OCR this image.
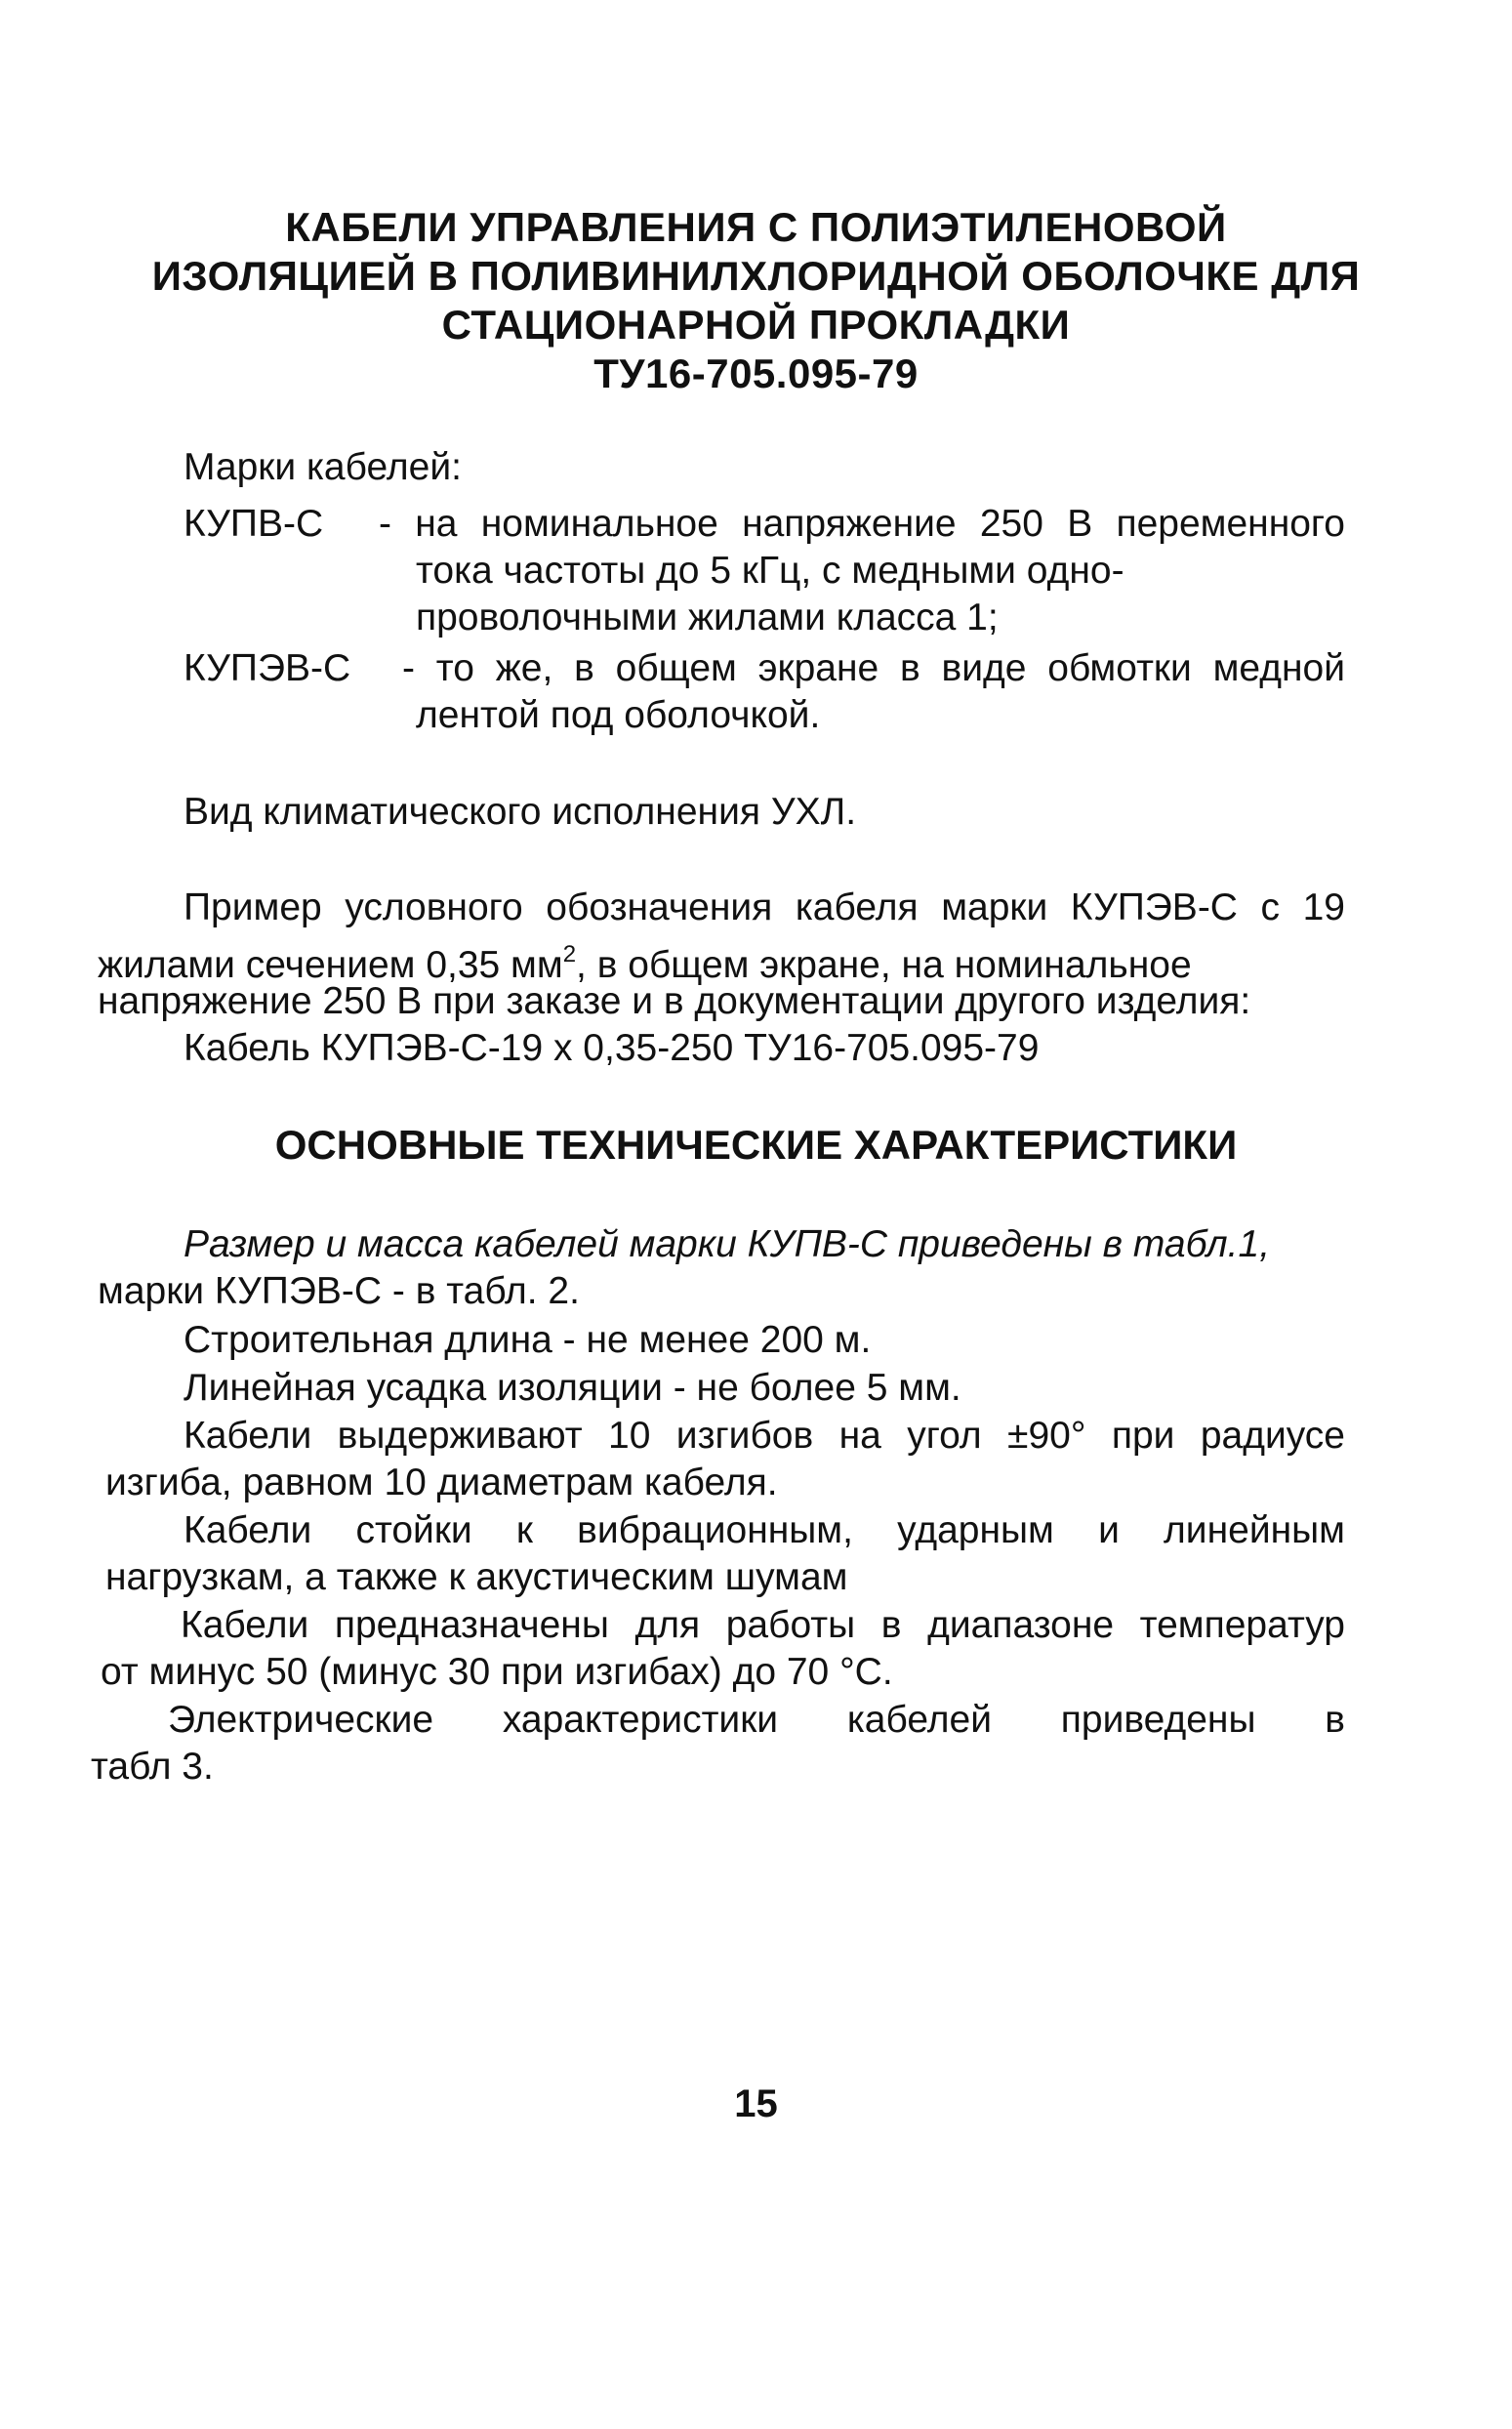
КАБЕЛИ УПРАВЛЕНИЯ С ПОЛИЭТИЛЕНОВОЙ
ИЗОЛЯЦИЕЙ В ПОЛИВИНИЛХЛОРИДНОЙ ОБОЛОЧКЕ ДЛЯ
СТАЦИОНАРНОЙ ПРОКЛАДКИ
ТУ16-705.095-79
Марки кабелей:
КУПВ-С - на номинальное напряжение 250 В переменного
тока частоты до 5 кГц, с медными одно-
проволочными жилами класса 1;
КУПЭВ-С - то же, в общем экране в виде обмотки медной
лентой под оболочкой.
Вид климатического исполнения УХЛ.
Пример условного обозначения кабеля марки КУПЭВ-С с 19
жилами сечением 0,35 $мм^2$, в общем экране, на номинальное
напряжение 250 В при заказе и в документации другого изделия:
Кабель КУПЭВ-С-19 х 0,35-250 ТУ16-705.095-79
ОСНОВНЫЕ ТЕХНИЧЕСКИЕ ХАРАКТЕРИСТИКИ
Размер и масса кабелей марки КУПВ-С приведены в табл.1,
марки КУПЭВ-С - в табл. 2.
Строительная длина - не менее 200 м.
Линейная усадка изоляции - не более 5 мм.
Кабели выдерживают 10 изгибов на угол ±90° при радиусе
изгиба, равном 10 диаметрам кабеля.
Кабели стойки к вибрационным, ударным и линейным
нагрузкам, а также к акустическим шумам
Кабели предназначены для работы в диапазоне температур
от минус 50 (минус 30 при изгибах) до 70 °С.
Электрические характеристики кабелей приведены в
табл 3.
15
